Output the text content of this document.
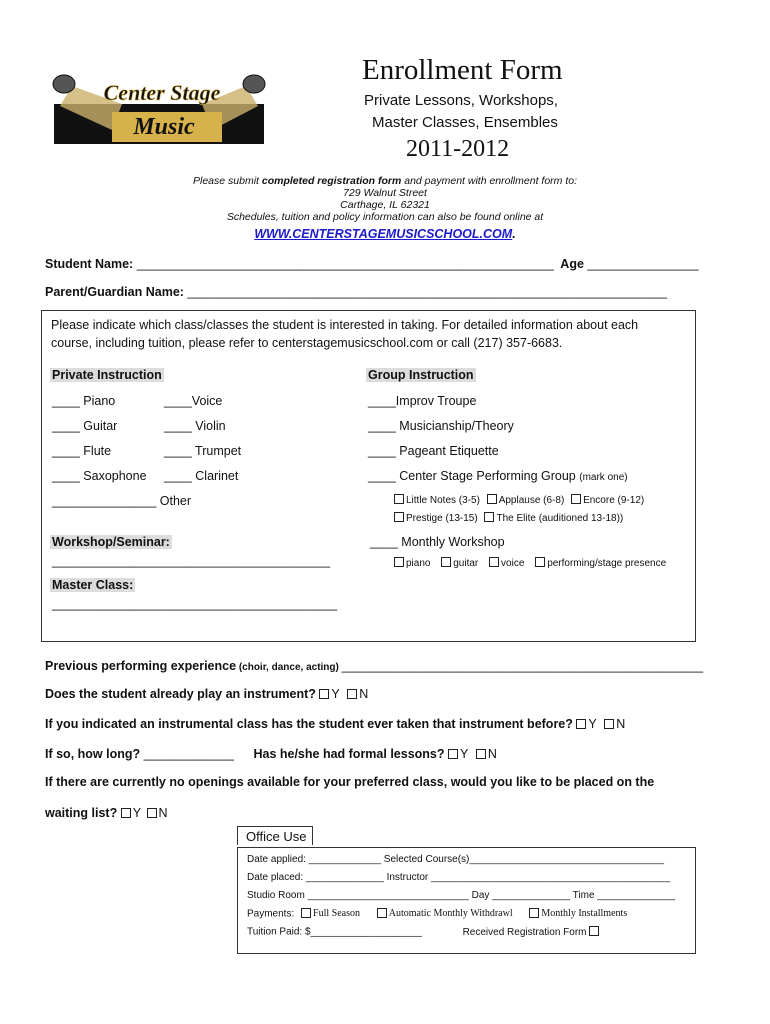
Center Stage
Music
Enrollment Form
Private Lessons, Workshops,
Master Classes, Ensembles
2011-2012
Please submit completed registration form and payment with enrollment form to:
729 Walnut Street
Carthage, IL 62321
Schedules, tuition and policy information can also be found online at
WWW.CENTERSTAGEMUSICSCHOOL.COM.
Student Name: ____________________________________________________________ Age ________________
Parent/Guardian Name: _____________________________________________________________________
Please indicate which class/classes the student is interested in taking. For detailed information about each
course, including tuition, please refer to centerstagemusicschool.com or call (217) 357-6683.
Private Instruction	Group Instruction
____ Piano
____ Guitar
____ Flute
____ Saxophone
____Voice
____ Violin
____ Trumpet
____ Clarinet
_______________ Other
____Improv Troupe
____ Musicianship/Theory
____ Pageant Etiquette
____ Center Stage Performing Group (mark one)
Little Notes (3-5) Applause (6-8) Encore (9-12)
Prestige (13-15) The Elite (auditioned 13-18))
Workshop/Seminar:
________________________________________
____ Monthly Workshop
piano guitar voice performing/stage presence
Master Class:
_________________________________________
Previous performing experience (choir, dance, acting) ____________________________________________________
Does the student already play an instrument? Y N
If you indicated an instrumental class has the student ever taken that instrument before? Y N
If so, how long? _____________ Has he/she had formal lessons? Y N
If there are currently no openings available for your preferred class, would you like to be placed on the
waiting list? Y N
Office Use
Date applied: _____________ Selected Course(s)___________________________________
Date placed: ______________ Instructor ___________________________________________
Studio Room _____________________________ Day ______________ Time ______________
Payments: Full Season	Automatic Monthly Withdrawl	Monthly Installments
Tuition Paid: $____________________	Received Registration Form
